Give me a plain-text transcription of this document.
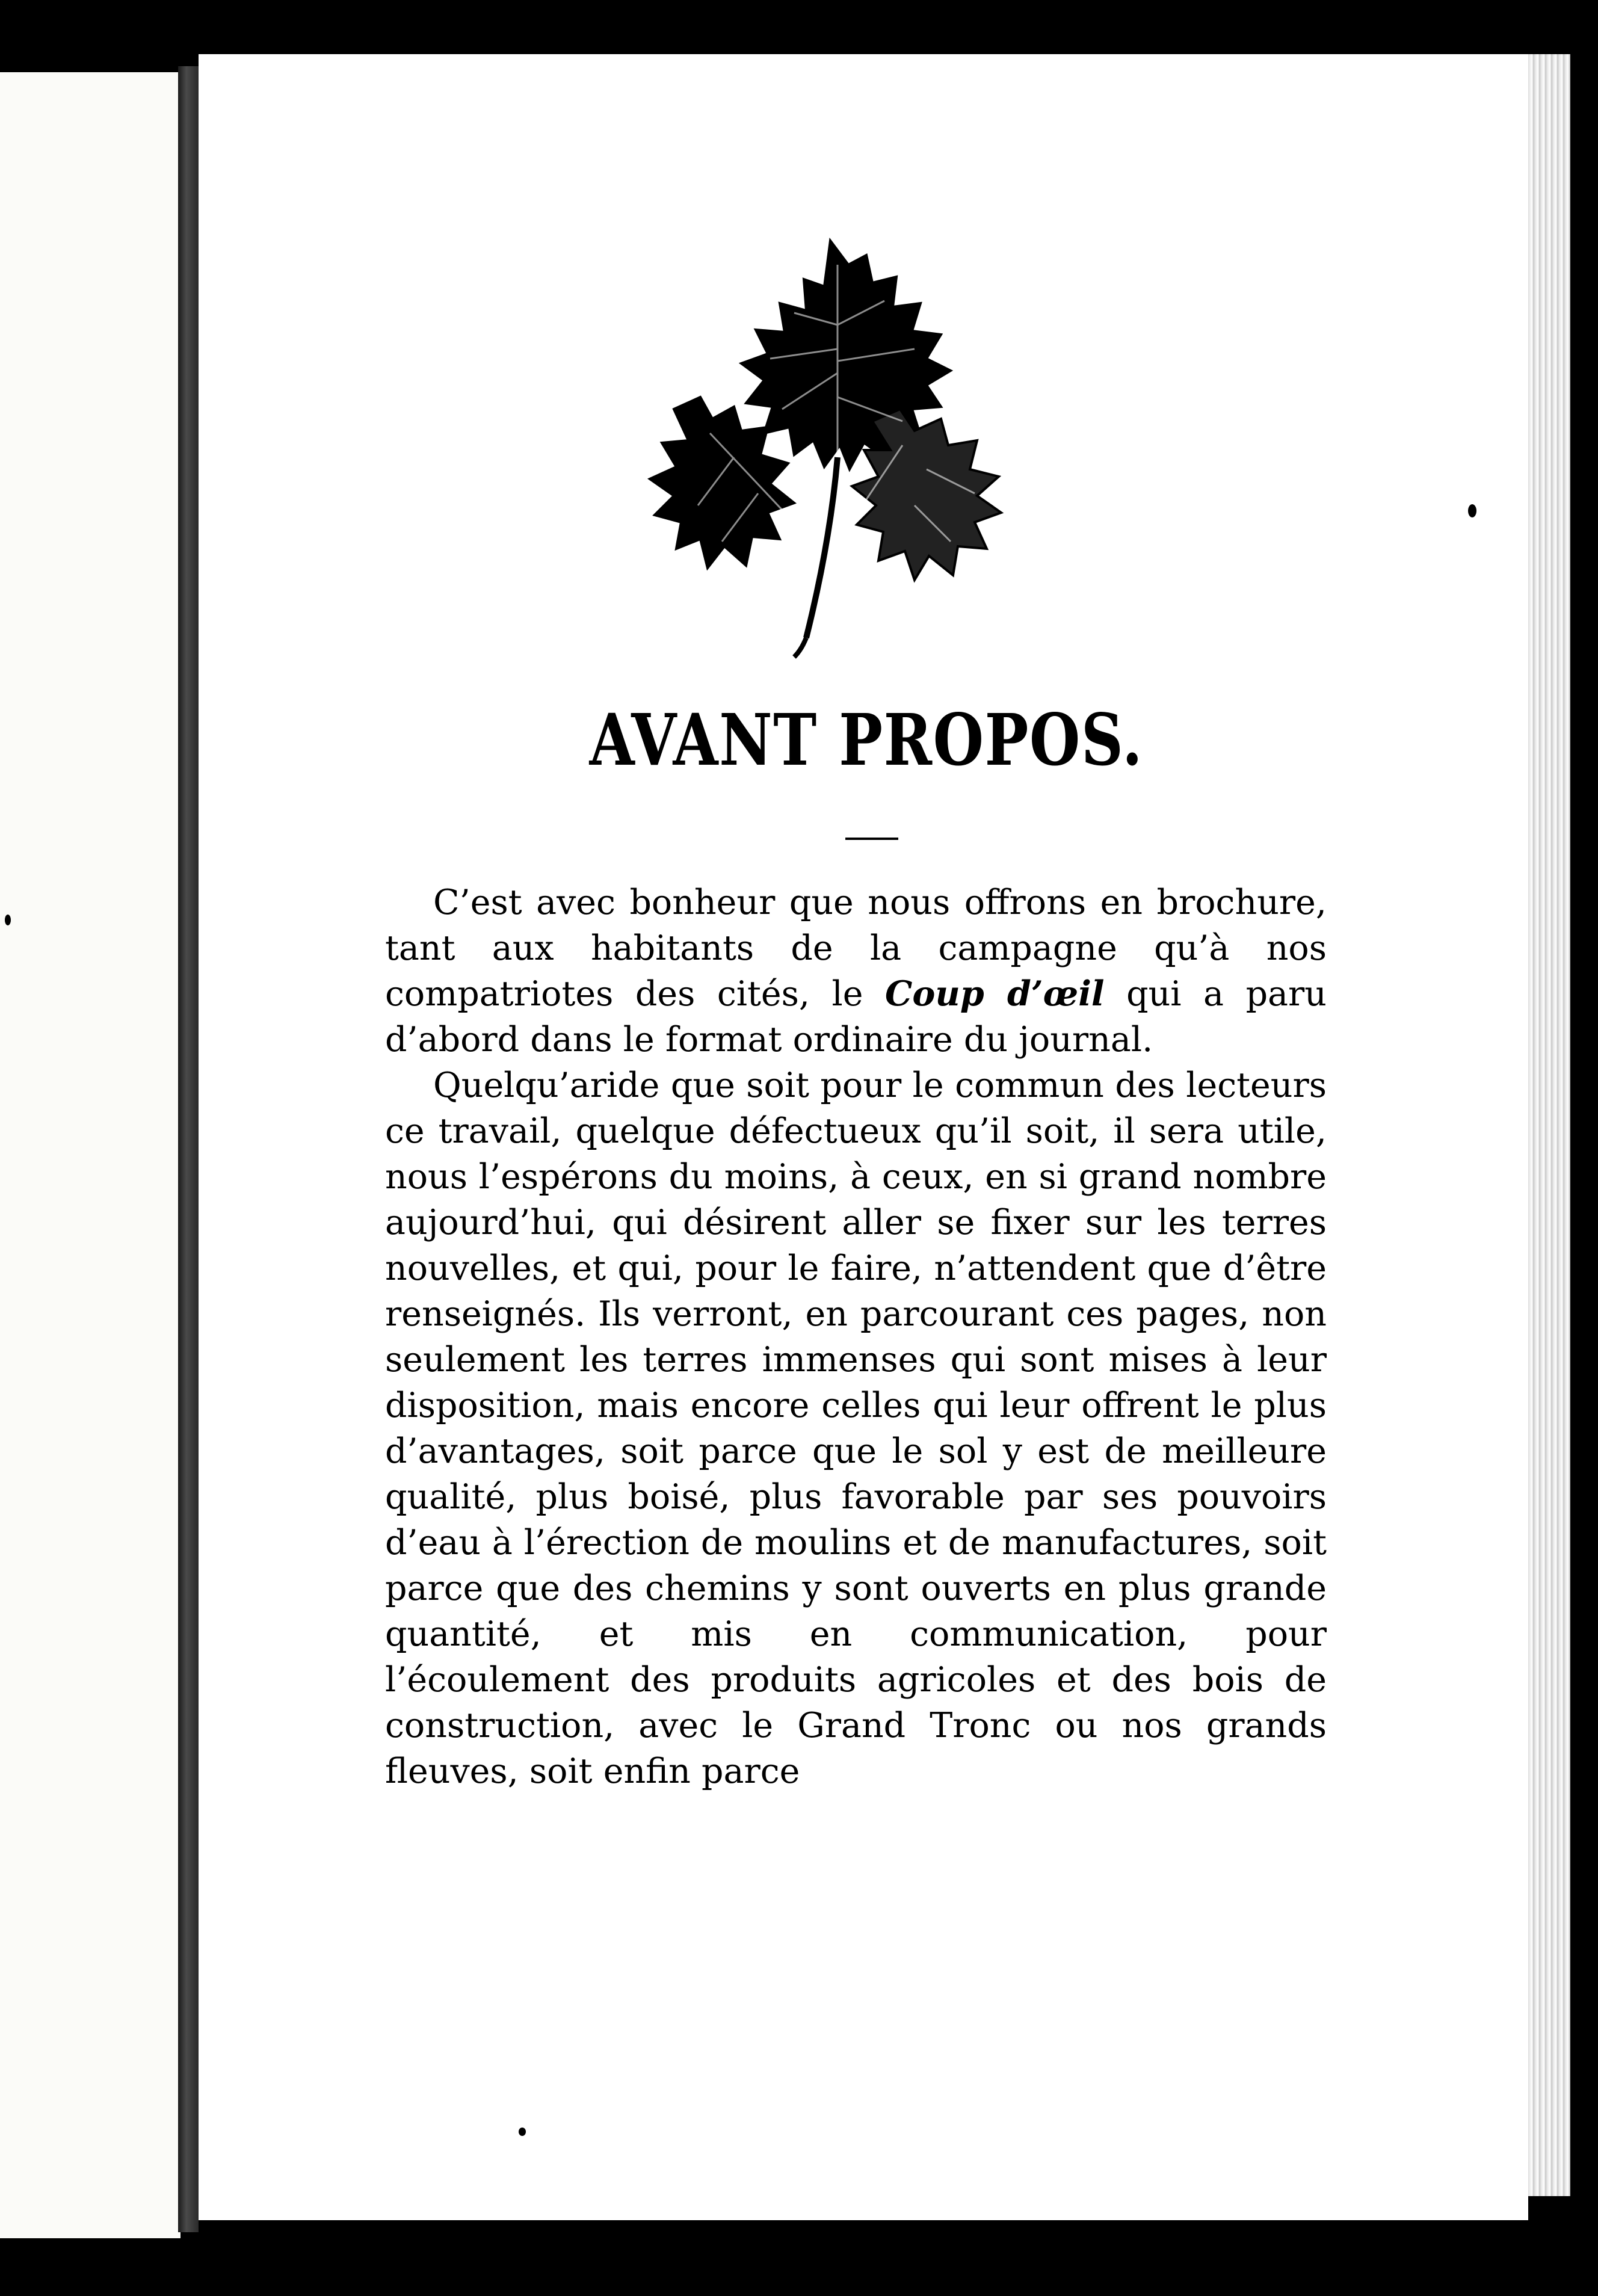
AVANT PROPOS.

C’est avec bonheur que nous offrons en brochure, tant aux habitants de la campagne qu’à nos compatriotes des cités, le Coup d’œil qui a paru d’abord dans le format ordinaire du journal.

Quelqu’aride que soit pour le commun des lecteurs ce travail, quelque défectueux qu’il soit, il sera utile, nous l’espérons du moins, à ceux, en si grand nombre aujourd’hui, qui désirent aller se fixer sur les terres nouvelles, et qui, pour le faire, n’attendent que d’être renseignés. Ils verront, en parcourant ces pages, non seulement les terres immenses qui sont mises à leur disposition, mais encore celles qui leur offrent le plus d’avantages, soit parce que le sol y est de meilleure qualité, plus boisé, plus favorable par ses pouvoirs d’eau à l’érection de moulins et de manufactures, soit parce que des chemins y sont ouverts en plus grande quantité, et mis en communication, pour l’écoulement des produits agricoles et des bois de construction, avec le Grand Tronc ou nos grands fleuves, soit enfin parce
